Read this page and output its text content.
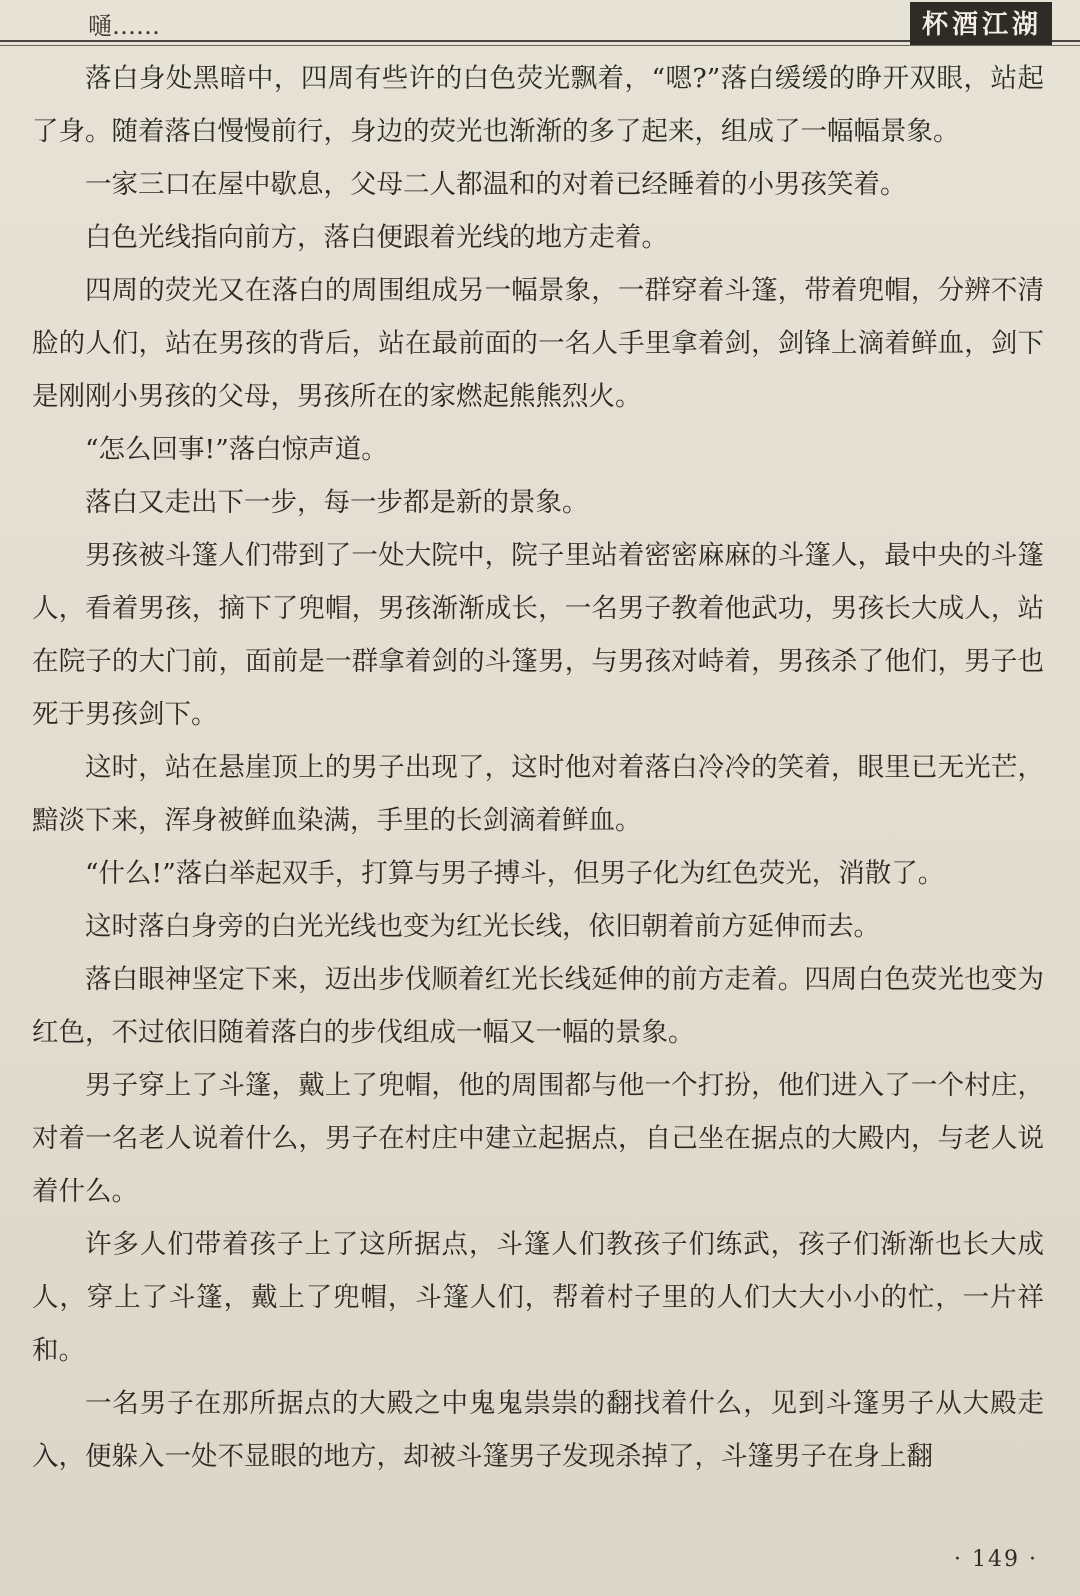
嗵……	杯酒江湖

落白身处黑暗中，四周有些许的白色荧光飘着，“嗯?”落白缓缓的睁开双眼，站起了身。随着落白慢慢前行，身边的荧光也渐渐的多了起来，组成了一幅幅景象。

一家三口在屋中歇息，父母二人都温和的对着已经睡着的小男孩笑着。

白色光线指向前方，落白便跟着光线的地方走着。

四周的荧光又在落白的周围组成另一幅景象，一群穿着斗篷，带着兜帽，分辨不清脸的人们，站在男孩的背后，站在最前面的一名人手里拿着剑，剑锋上滴着鲜血，剑下是刚刚小男孩的父母，男孩所在的家燃起熊熊烈火。

“怎么回事!”落白惊声道。

落白又走出下一步，每一步都是新的景象。

男孩被斗篷人们带到了一处大院中，院子里站着密密麻麻的斗篷人，最中央的斗篷人，看着男孩，摘下了兜帽，男孩渐渐成长，一名男子教着他武功，男孩长大成人，站在院子的大门前，面前是一群拿着剑的斗篷男，与男孩对峙着，男孩杀了他们，男子也死于男孩剑下。

这时，站在悬崖顶上的男子出现了，这时他对着落白冷冷的笑着，眼里已无光芒，黯淡下来，浑身被鲜血染满，手里的长剑滴着鲜血。

“什么!”落白举起双手，打算与男子搏斗，但男子化为红色荧光，消散了。

这时落白身旁的白光光线也变为红光长线，依旧朝着前方延伸而去。

落白眼神坚定下来，迈出步伐顺着红光长线延伸的前方走着。四周白色荧光也变为红色，不过依旧随着落白的步伐组成一幅又一幅的景象。

男子穿上了斗篷，戴上了兜帽，他的周围都与他一个打扮，他们进入了一个村庄，对着一名老人说着什么，男子在村庄中建立起据点，自己坐在据点的大殿内，与老人说着什么。

许多人们带着孩子上了这所据点，斗篷人们教孩子们练武，孩子们渐渐也长大成人，穿上了斗篷，戴上了兜帽，斗篷人们，帮着村子里的人们大大小小的忙，一片祥和。

一名男子在那所据点的大殿之中鬼鬼祟祟的翻找着什么，见到斗篷男子从大殿走入，便躲入一处不显眼的地方，却被斗篷男子发现杀掉了，斗篷男子在身上翻

· 149 ·
